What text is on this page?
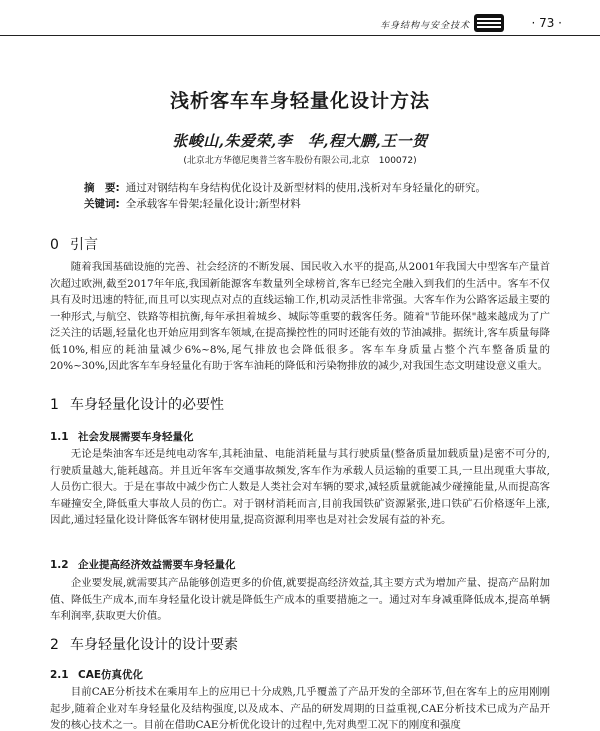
车身结构与安全技术	· 73 ·
浅析客车车身轻量化设计方法
张峻山,朱爱荣,李　华,程大鹏,王一贺
(北京北方华德尼奥普兰客车股份有限公司,北京　100072)
摘　要: 通过对钢结构车身结构优化设计及新型材料的使用,浅析对车身轻量化的研究。
关键词: 全承载客车骨架;轻量化设计;新型材料
0 引言

随着我国基础设施的完善、社会经济的不断发展、国民收入水平的提高,从2001年我国大中型客车产量首次超过欧洲,截至2017年年底,我国新能源客车数量列全球榜首,客车已经完全融入到我们的生活中。客车不仅具有及时迅速的特征,而且可以实现点对点的直线运输工作,机动灵活性非常强。大客车作为公路客运最主要的一种形式,与航空、铁路等相抗衡,每年承担着城乡、城际等重要的载客任务。随着"节能环保"越来越成为了广泛关注的话题,轻量化也开始应用到客车领域,在提高操控性的同时还能有效的节油减排。据统计,客车质量每降低10%,相应的耗油量减少6%~8%,尾气排放也会降低很多。客车车身质量占整个汽车整备质量的20%~30%,因此客车车身轻量化有助于客车油耗的降低和污染物排放的减少,对我国生态文明建设意义重大。

1 车身轻量化设计的必要性
1.1 社会发展需要车身轻量化

无论是柴油客车还是纯电动客车,其耗油量、电能消耗量与其行驶质量(整备质量加载质量)是密不可分的,行驶质量越大,能耗越高。并且近年客车交通事故频发,客车作为承载人员运输的重要工具,一旦出现重大事故,人员伤亡很大。于是在事故中减少伤亡人数是人类社会对车辆的要求,减轻质量就能减少碰撞能量,从而提高客车碰撞安全,降低重大事故人员的伤亡。对于钢材消耗而言,目前我国铁矿资源紧张,进口铁矿石价格逐年上涨,因此,通过轻量化设计降低客车钢材使用量,提高资源利用率也是对社会发展有益的补充。

1.2 企业提高经济效益需要车身轻量化

企业要发展,就需要其产品能够创造更多的价值,就要提高经济效益,其主要方式为增加产量、提高产品附加值、降低生产成本,而车身轻量化设计就是降低生产成本的重要措施之一。通过对车身减重降低成本,提高单辆车利润率,获取更大价值。

2 车身轻量化设计的设计要素
2.1 CAE仿真优化

目前CAE分析技术在乘用车上的应用已十分成熟,几乎覆盖了产品开发的全部环节,但在客车上的应用刚刚起步,随着企业对车身轻量化及结构强度,以及成本、产品的研发周期的日益重视,CAE分析技术已成为产品开发的核心技术之一。目前在借助CAE分析优化设计的过程中,先对典型工况下的刚度和强度
